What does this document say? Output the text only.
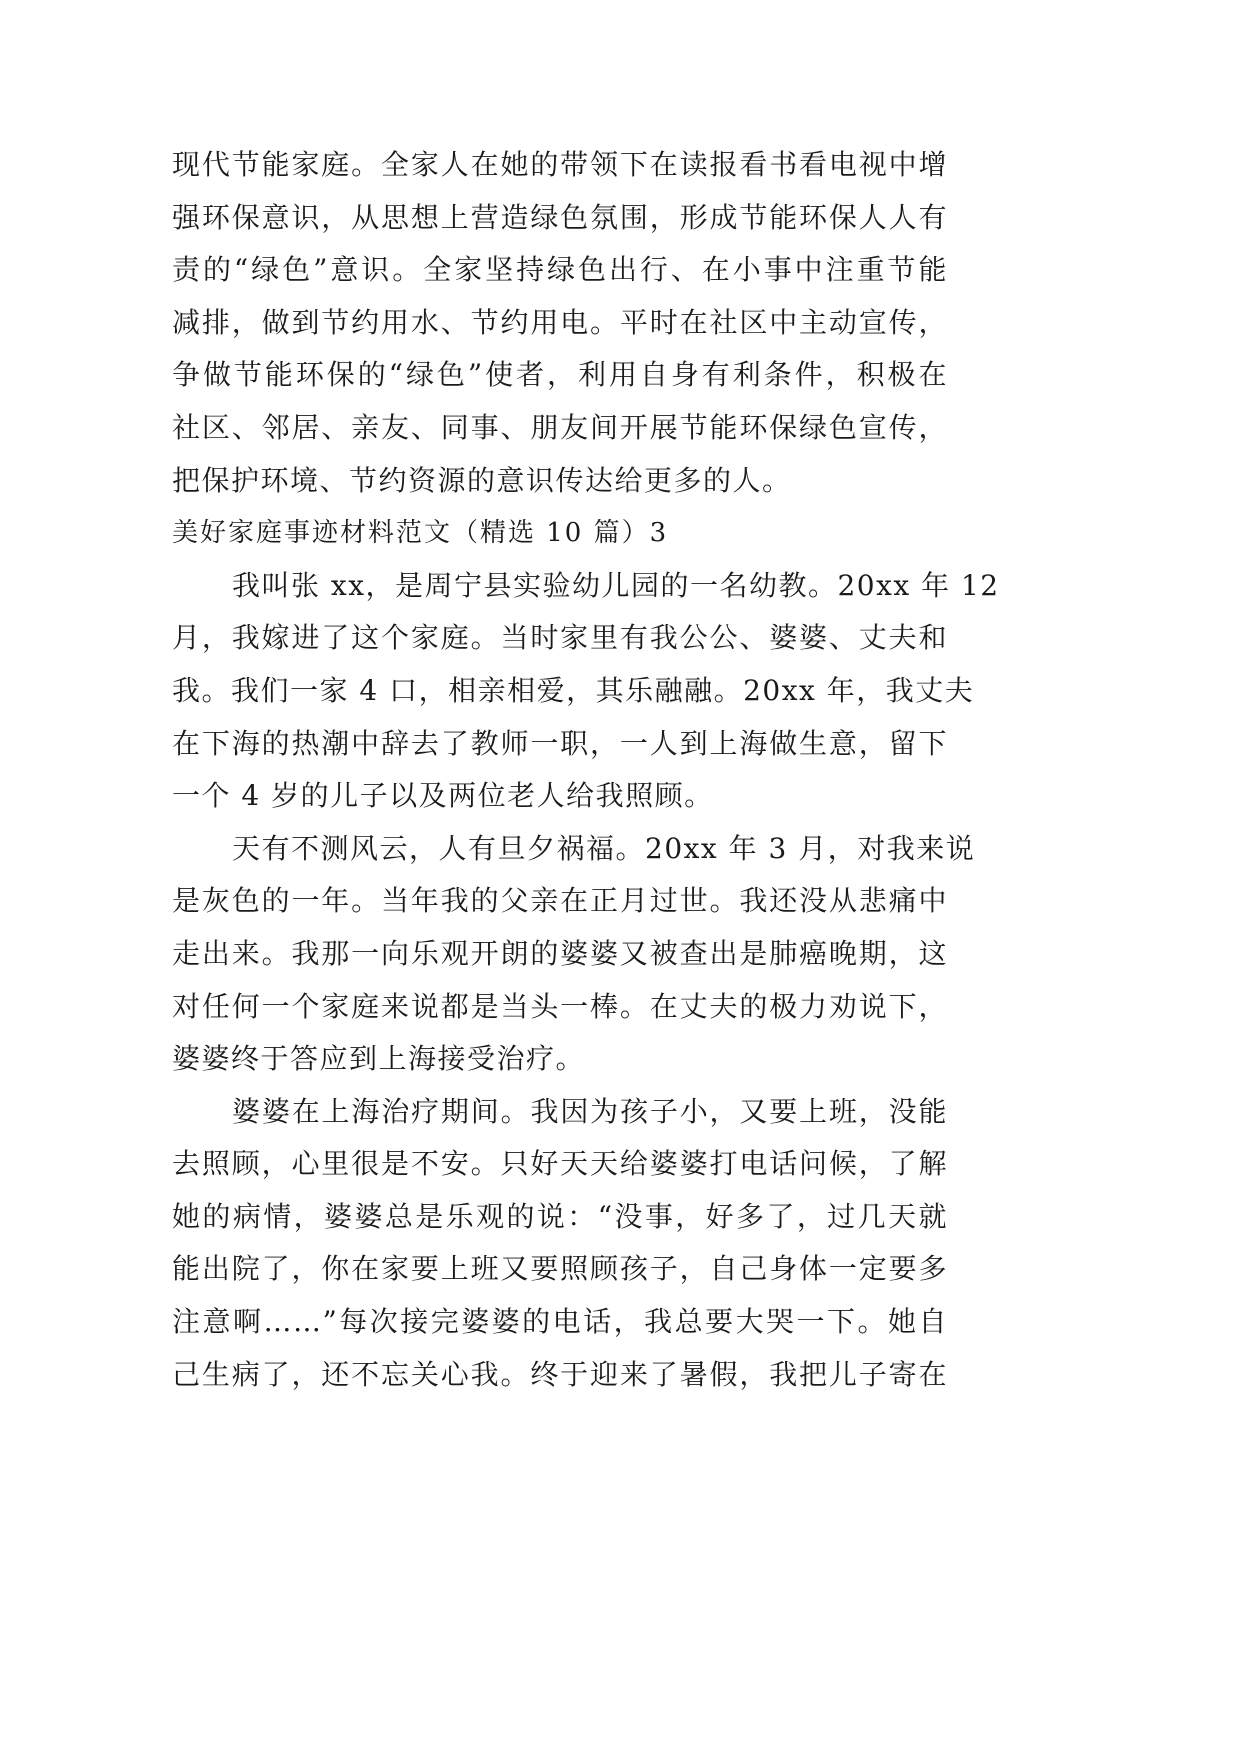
现代节能家庭。全家人在她的带领下在读报看书看电视中增
强环保意识，从思想上营造绿色氛围，形成节能环保人人有
责的“绿色”意识。全家坚持绿色出行、在小事中注重节能
减排，做到节约用水、节约用电。平时在社区中主动宣传，
争做节能环保的“绿色”使者，利用自身有利条件，积极在
社区、邻居、亲友、同事、朋友间开展节能环保绿色宣传，
把保护环境、节约资源的意识传达给更多的人。
美好家庭事迹材料范文（精选 10 篇）3
我叫张 xx，是周宁县实验幼儿园的一名幼教。20xx 年 12
月，我嫁进了这个家庭。当时家里有我公公、婆婆、丈夫和
我。我们一家 4 口，相亲相爱，其乐融融。20xx 年，我丈夫
在下海的热潮中辞去了教师一职，一人到上海做生意，留下
一个 4 岁的儿子以及两位老人给我照顾。
天有不测风云，人有旦夕祸福。20xx 年 3 月，对我来说
是灰色的一年。当年我的父亲在正月过世。我还没从悲痛中
走出来。我那一向乐观开朗的婆婆又被查出是肺癌晚期，这
对任何一个家庭来说都是当头一棒。在丈夫的极力劝说下，
婆婆终于答应到上海接受治疗。
婆婆在上海治疗期间。我因为孩子小，又要上班，没能
去照顾，心里很是不安。只好天天给婆婆打电话问候，了解
她的病情，婆婆总是乐观的说：“没事，好多了，过几天就
能出院了，你在家要上班又要照顾孩子，自己身体一定要多
注意啊……”每次接完婆婆的电话，我总要大哭一下。她自
己生病了，还不忘关心我。终于迎来了暑假，我把儿子寄在
